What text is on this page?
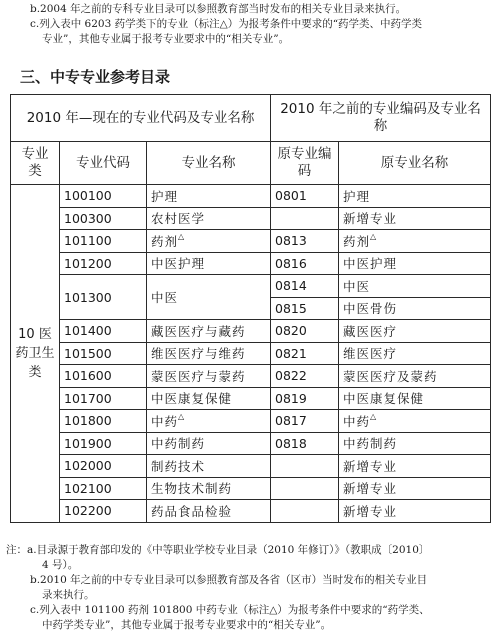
b.2004 年之前的专科专业目录可以参照教育部当时发布的相关专业目录来执行。

c.列入表中 6203 药学类下的专业（标注△）为报考条件中要求的“药学类、中药学类

专业”，其他专业属于报考专业要求中的“相关专业”。

三、中专专业参考目录
2010 年—现在的专业代码及专业名称			2010 年之前的专业编码及专业名称	
专业类	专业代码	专业名称	原专业编码	原专业名称
10 医药卫生类	100100	护理	0801	护理
	100300	农村医学		新增专业
	101100	药剂△	0813	药剂△
	101200	中医护理	0816	中医护理
	101300	中医	0814	中医
			0815	中医骨伤
	101400	藏医医疗与藏药	0820	藏医医疗
	101500	维医医疗与维药	0821	维医医疗
	101600	蒙医医疗与蒙药	0822	蒙医医疗及蒙药
	101700	中医康复保健	0819	中医康复保健
	101800	中药△	0817	中药△
	101900	中药制药	0818	中药制药
	102000	制药技术		新增专业
	102100	生物技术制药		新增专业
	102200	药品食品检验		新增专业

注：a.目录源于教育部印发的《中等职业学校专业目录（2010 年修订）》（教职成〔2010〕

4 号）。

b.2010 年之前的中专专业目录可以参照教育部及各省（区市）当时发布的相关专业目

录来执行。

c.列入表中 101100 药剂 101800 中药专业（标注△）为报考条件中要求的“药学类、

中药学类专业”，其他专业属于报考专业要求中的“相关专业”。
